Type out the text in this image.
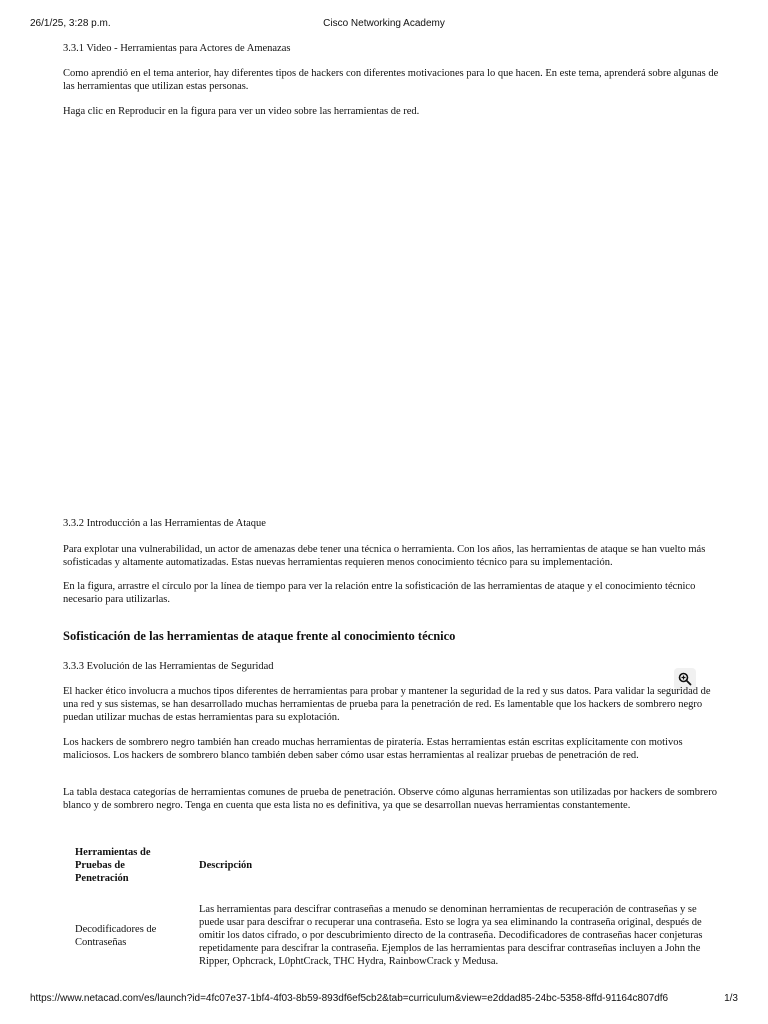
26/1/25, 3:28 p.m.	Cisco Networking Academy

3.3.1 Video - Herramientas para Actores de Amenazas

Como aprendió en el tema anterior, hay diferentes tipos de hackers con diferentes motivaciones para lo que hacen. En este tema, aprenderá sobre algunas de las herramientas que utilizan estas personas.

Haga clic en Reproducir en la figura para ver un video sobre las herramientas de red.

3.3.2 Introducción a las Herramientas de Ataque

Para explotar una vulnerabilidad, un actor de amenazas debe tener una técnica o herramienta. Con los años, las herramientas de ataque se han vuelto más sofisticadas y altamente automatizadas. Estas nuevas herramientas requieren menos conocimiento técnico para su implementación.

En la figura, arrastre el círculo por la línea de tiempo para ver la relación entre la sofisticación de las herramientas de ataque y el conocimiento técnico necesario para utilizarlas.

Sofisticación de las herramientas de ataque frente al conocimiento técnico

3.3.3 Evolución de las Herramientas de Seguridad

El hacker ético involucra a muchos tipos diferentes de herramientas para probar y mantener la seguridad de la red y sus datos. Para validar la seguridad de una red y sus sistemas, se han desarrollado muchas herramientas de prueba para la penetración de red. Es lamentable que los hackers de sombrero negro puedan utilizar muchas de estas herramientas para su explotación.

Los hackers de sombrero negro también han creado muchas herramientas de piratería. Estas herramientas están escritas explícitamente con motivos maliciosos. Los hackers de sombrero blanco también deben saber cómo usar estas herramientas al realizar pruebas de penetración de red.

La tabla destaca categorías de herramientas comunes de prueba de penetración. Observe cómo algunas herramientas son utilizadas por hackers de sombrero blanco y de sombrero negro. Tenga en cuenta que esta lista no es definitiva, ya que se desarrollan nuevas herramientas constantemente.

Herramientas de Pruebas de Penetración	Descripción
Decodificadores de Contraseñas	Las herramientas para descifrar contraseñas a menudo se denominan herramientas de recuperación de contraseñas y se puede usar para descifrar o recuperar una contraseña. Esto se logra ya sea eliminando la contraseña original, después de omitir los datos cifrado, o por descubrimiento directo de la contraseña. Decodificadores de contraseñas hacer conjeturas repetidamente para descifrar la contraseña. Ejemplos de las herramientas para descifrar contraseñas incluyen a John the Ripper, Ophcrack, L0phtCrack, THC Hydra, RainbowCrack y Medusa.
https://www.netacad.com/es/launch?id=4fc07e37-1bf4-4f03-8b59-893df6ef5cb2&tab=curriculum&view=e2ddad85-24bc-5358-8ffd-91164c807df6	1/3
